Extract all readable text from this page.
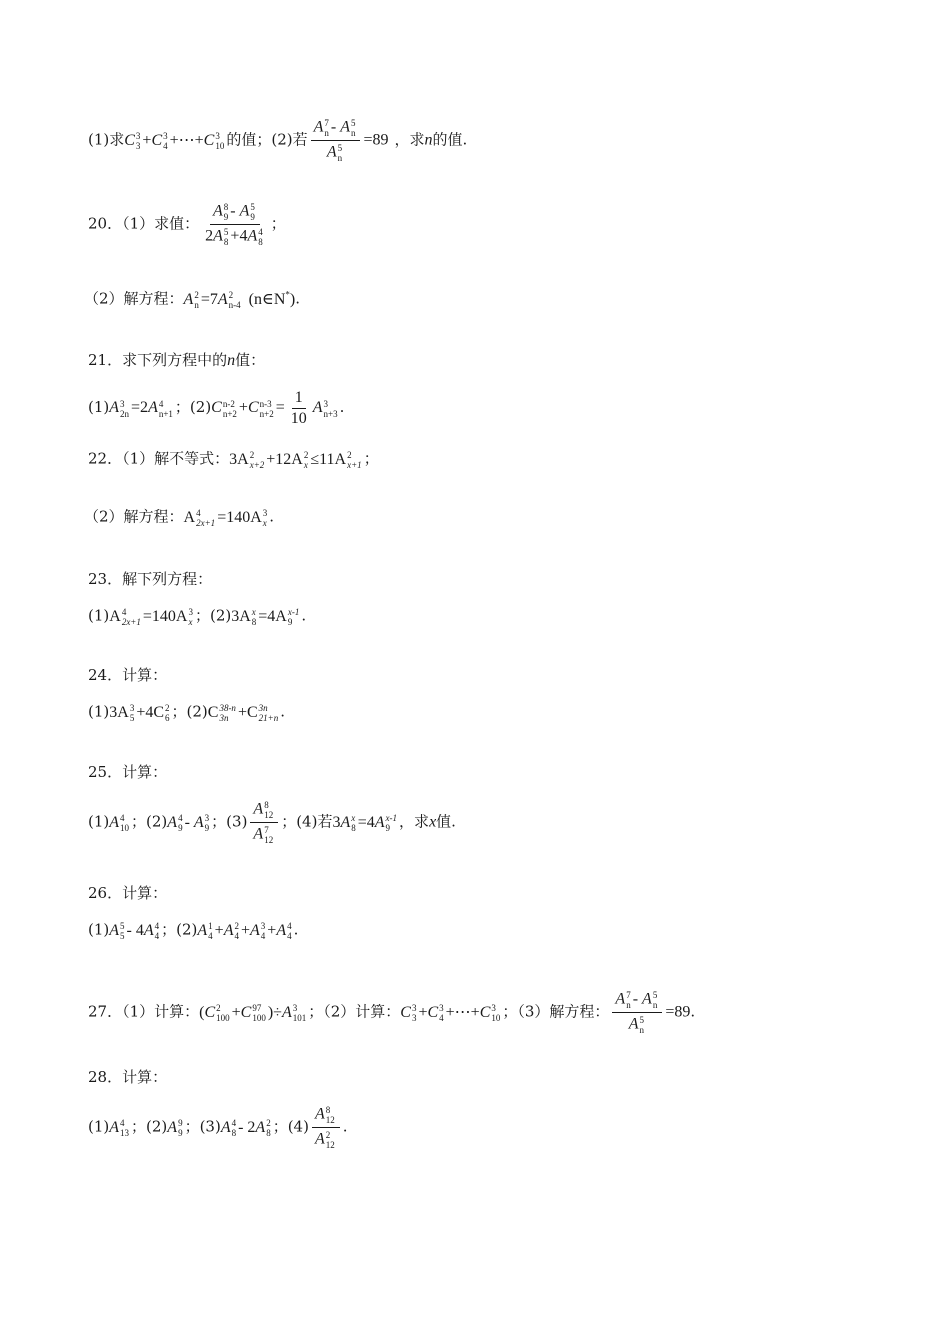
(1)求C 3
3 +C 3
4 +⋯+C 3
10 的值；(2)若 A 7
n - A 5
n
A 5
n =89 ，求n的值.
20．（1）求值： A 8
9 - A 5
9
2A 5
8 +4A 4
8 ；
（2）解方程：A 2
n =7A 2
n-4 (n∈N*).
21．求下列方程中的n值：
(1)A 3
2n =2A 4
n+1 ；(2)C n-2
n+2 +C n-3
$n+2 = \frac{1}{10}$ A 3
n+3 .
22．（1）解不等式：3A 2
x+2 +12A 2
x ≤11A 2
x+1 ；
（2）解方程：A 4
2x+1 =140A 3
x .
23．解下列方程：
(1)A 4
2x+1 =140A 3
x ；(2)3A x
8 =4A x-1
9 .
24．计算：
(1)3A 3
5 +4C 2
6 ；(2)C 38-n
3n +C 3n
21+n .
25．计算：
(1)A 4
10 ；(2)A 4
9 - A 3
9 ；(3) A 8
12
A 7
12 ；(4)若3A x
8 =4A x-1
9 ，求x值.
26．计算：
(1)A 5
5 - 4A 4
4 ；(2)A 1
4 +A 2
4 +A 3
4 +A 4
4 .
27．（1）计算：(C 2
100 +C 97
100 )÷A 3
101 ；（2）计算：C 3
3 +C 3
4 +⋯+C 3
10 ；（3）解方程： A 7
n - A 5
n
A 5
n =89.
28．计算：
(1)A 4
13 ；(2)A 9
9 ；(3)A 4
8 - 2A 2
8 ；(4) A 8
12
A 2
12 .
